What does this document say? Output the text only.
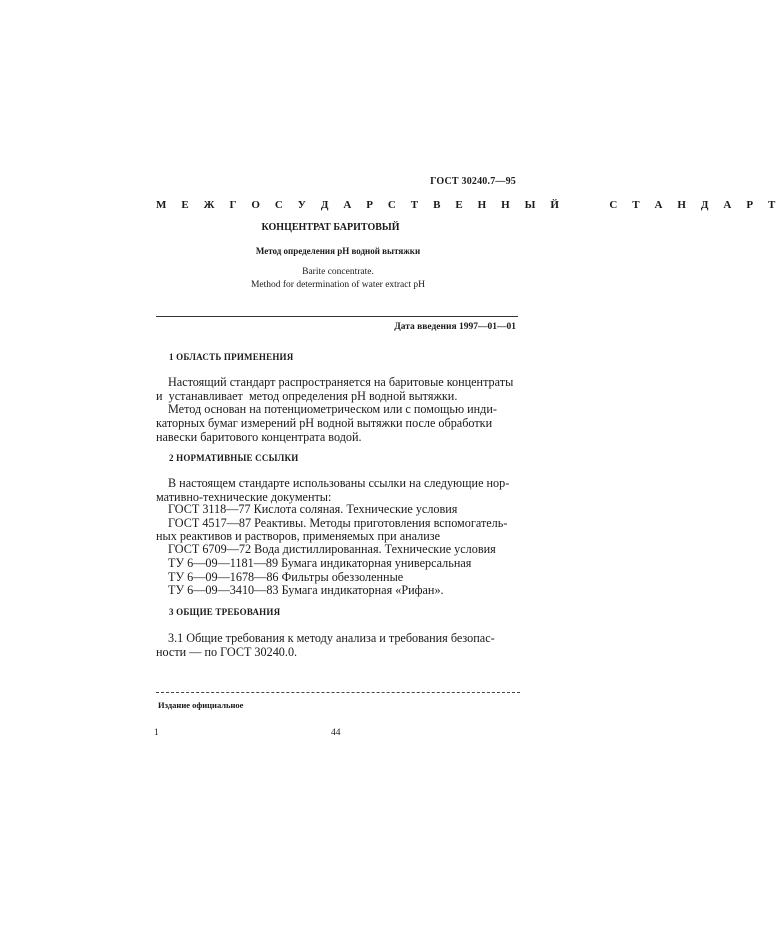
ГОСТ 30240.7—95
М Е Ж Г О С У Д А Р С Т В Е Н Н Ы Й     С Т А Н Д А Р Т
КОНЦЕНТРАТ БАРИТОВЫЙ
Метод определения pH водной вытяжки
Barite concentrate.
Method for determination of water extract pH
Дата введения 1997—01—01
1 ОБЛАСТЬ ПРИМЕНЕНИЯ
Настоящий стандарт распространяется на баритовые концентраты
и  устанавливает  метод определения pH водной вытяжки.
Метод основан на потенциометрическом или с помощью инди-
каторных бумаг измерений pH водной вытяжки после обработки
навески баритового концентрата водой.
2 НОРМАТИВНЫЕ ССЫЛКИ
В настоящем стандарте использованы ссылки на следующие нор-
мативно-технические документы:
ГОСТ 3118—77 Кислота соляная. Технические условия
ГОСТ 4517—87 Реактивы. Методы приготовления вспомогатель-
ных реактивов и растворов, применяемых при анализе
ГОСТ 6709—72 Вода дистиллированная. Технические условия
ТУ 6—09—1181—89 Бумага индикаторная универсальная
ТУ 6—09—1678—86 Фильтры обеззоленные
ТУ 6—09—3410—83 Бумага индикаторная «Рифан».
3 ОБЩИЕ ТРЕБОВАНИЯ
3.1 Общие требования к методу анализа и требования безопас-
ности — по ГОСТ 30240.0.
Издание официальное
1	44
